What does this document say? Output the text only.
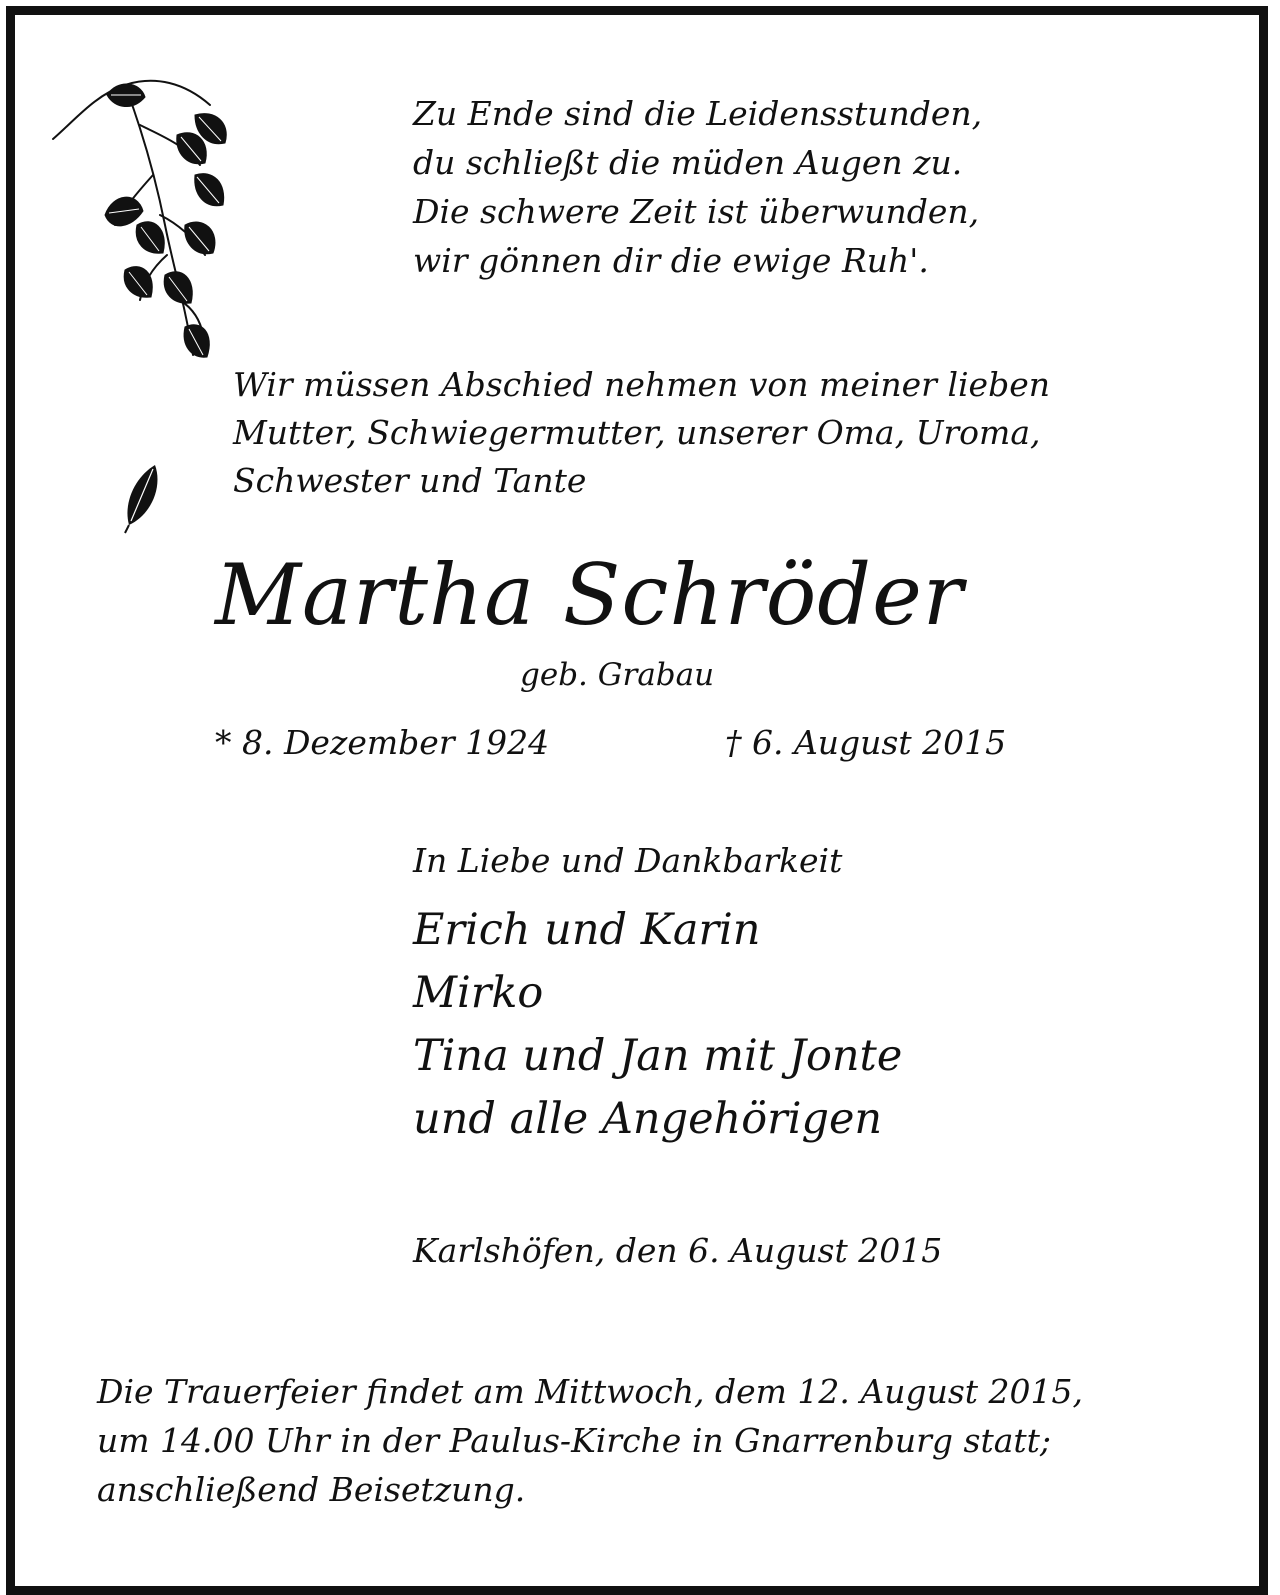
Zu Ende sind die Leidensstunden,
du schließt die müden Augen zu.
Die schwere Zeit ist überwunden,
wir gönnen dir die ewige Ruh'.
Wir müssen Abschied nehmen von meiner lieben
Mutter, Schwiegermutter, unserer Oma, Uroma,
Schwester und Tante
Martha Schröder
geb. Grabau
* 8. Dezember 1924	† 6. August 2015
In Liebe und Dankbarkeit
Erich und Karin
Mirko
Tina und Jan mit Jonte
und alle Angehörigen
Karlshöfen, den 6. August 2015
Die Trauerfeier findet am Mittwoch, dem 12. August 2015,
um 14.00 Uhr in der Paulus-Kirche in Gnarrenburg statt;
anschließend Beisetzung.
